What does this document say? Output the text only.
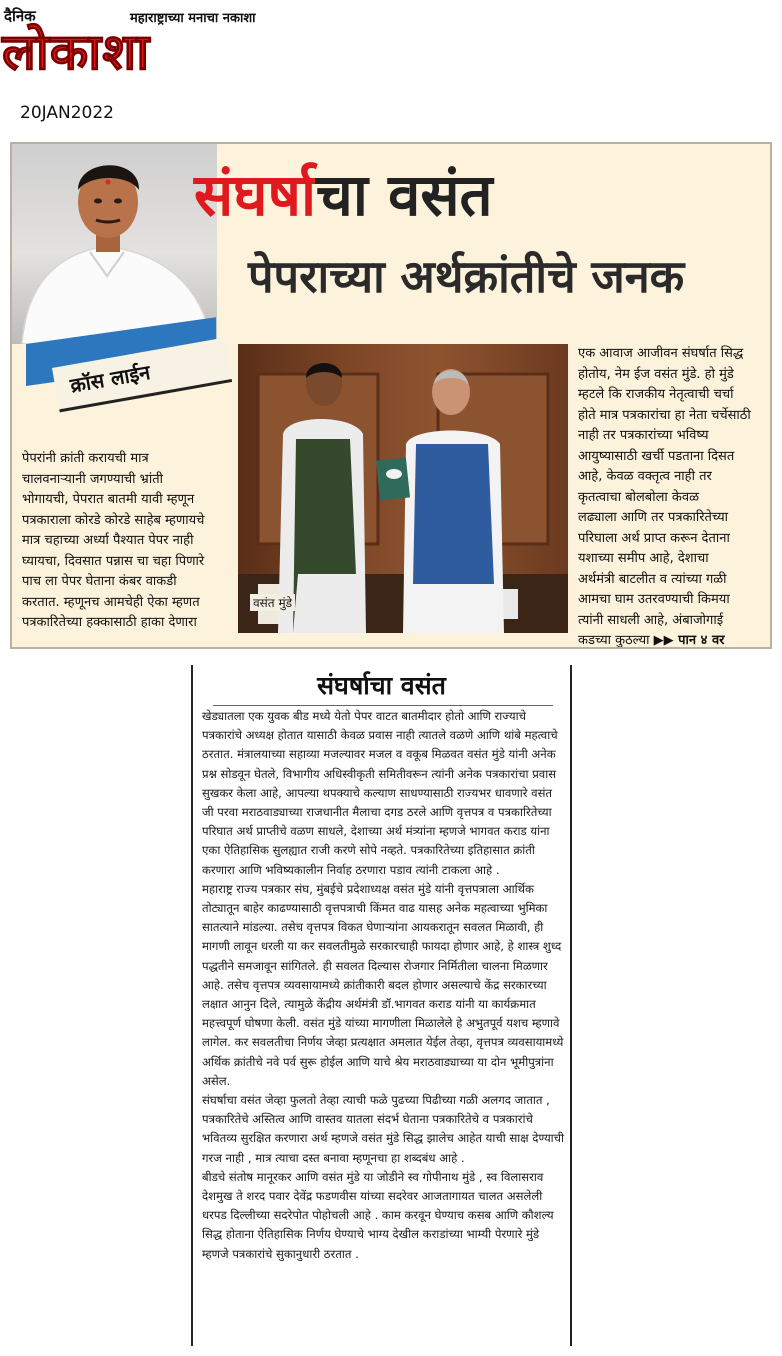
दैनिक	महाराष्ट्राच्या मनाचा नकाशा
लोकाशा
20JAN2022
संघर्षाचा वसंत
पेपराच्या अर्थक्रांतीचे जनक
क्रॉस लाईन
पेपरांनी क्रांती करायची मात्र
चालवनाऱ्यानी जगण्याची भ्रांती
भोगायची, पेपरात बातमी यावी म्हणून
पत्रकाराला कोरडे कोरडे साहेब म्हणायचे
मात्र चहाच्या अर्ध्या पैश्यात पेपर नाही
घ्यायचा, दिवसात पन्नास चा चहा पिणारे
पाच ला पेपर घेताना कंबर वाकडी
करतात. म्हणूनच आमचेही ऐका म्हणत
पत्रकारितेच्या हक्कासाठी हाका देणारा
वसंत मुंडे
एक आवाज आजीवन संघर्षात सिद्ध
होतोय, नेम ईज वसंत मुंडे. हो मुंडे
म्हटले कि राजकीय नेतृत्वाची चर्चा
होते मात्र पत्रकारांचा हा नेता चर्चेसाठी
नाही तर पत्रकारांच्या भविष्य
आयुष्यासाठी खर्ची पडताना दिसत
आहे, केवळ वक्तृत्व नाही तर
कृतत्वाचा बोलबोला केवळ
लढ्याला आणि तर पत्रकारितेच्या
परिघाला अर्थ प्राप्त करून देताना
यशाच्या समीप आहे, देशाचा
अर्थमंत्री बाटलीत व त्यांच्या गळी
आमचा घाम उतरवण्याची किमया
त्यांनी साधली आहे, अंबाजोगाई
कडच्या कुठल्या ▶▶ पान ४ वर
संघर्षाचा वसंत

खेड्यातला एक युवक बीड मध्ये येतो पेपर वाटत बातमीदार होतो आणि राज्याचे पत्रकारांचे अध्यक्ष होतात यासाठी केवळ प्रवास नाही त्यातले वळणे आणि थांबे महत्वाचे ठरतात. मंत्रालयाच्या सहाव्या मजल्यावर मजल व वकूब मिळवत वसंत मुंडे यांनी अनेक प्रश्न सोडवून घेतले, विभागीय अधिस्वीकृती समितीवरून त्यांनी अनेक पत्रकारांचा प्रवास सुखकर केला आहे, आपल्या थपक्याचे कल्याण साधण्यासाठी राज्यभर धावणारे वसंत जी परवा मराठवाड्याच्या राजधानीत मैलाचा दगड ठरले आणि वृत्तपत्र व पत्रकारितेच्या परिघात अर्थ प्राप्तीचे वळण साधले, देशाच्या अर्थ मंत्र्यांना म्हणजे भागवत कराड यांना एका ऐतिहासिक सुलह्यात राजी करणे सोपे नव्हते. पत्रकारितेच्या इतिहासात क्रांती करणारा आणि भविष्यकालीन निर्वाह ठरणारा पडाव त्यांनी टाकला आहे .

महाराष्ट्र राज्य पत्रकार संघ, मुंबईचे प्रदेशाध्यक्ष वसंत मुंडे यांनी वृत्तपत्राला आर्थिक तोट्यातून बाहेर काढण्यासाठी वृत्तपत्राची किंमत वाढ यासह अनेक महत्वाच्या भुमिका सातत्याने मांडल्या. तसेच वृत्तपत्र विकत घेणाऱ्यांना आयकरातून सवलत मिळावी, ही मागणी लावून धरली या कर सवलतीमुळे सरकारचाही फायदा होणार आहे, हे शास्त्र शुध्द पद्धतीने समजावून सांगितले. ही सवलत दिल्यास रोजगार निर्मितीला चालना मिळणार आहे. तसेच वृत्तपत्र व्यवसायामध्ये क्रांतीकारी बदल होणार असल्याचे केंद्र सरकारच्या लक्षात आनुन दिले, त्यामुळे केंद्रीय अर्थमंत्री डॉ.भागवत कराड यांनी या कार्यक्रमात महत्त्वपूर्ण घोषणा केली. वसंत मुंडे यांच्या मागणीला मिळालेले हे अभुतपूर्व यशच म्हणावे लागेल. कर सवलतीचा निर्णय जेव्हा प्रत्यक्षात अमलात येईल तेव्हा, वृत्तपत्र व्यवसायामध्ये अर्थिक क्रांतीचे नवे पर्व सुरू होईल आणि याचे श्रेय मराठवाड्याच्या या दोन भूमीपुत्रांना असेल.

संघर्षाचा वसंत जेव्हा फुलतो तेव्हा त्याची फळे पुढच्या पिढीच्या गळी अलगद जातात , पत्रकारितेचे अस्तित्व आणि वास्तव यातला संदर्भ घेताना पत्रकारितेचे व पत्रकारांचे भवितव्य सुरक्षित करणारा अर्थ म्हणजे वसंत मुंडे सिद्ध झालेच आहेत याची साक्ष देण्याची गरज नाही , मात्र त्याचा दस्त बनावा म्हणूनचा हा शब्दबंध आहे .

बीडचे संतोष मानूरकर आणि वसंत मुंडे या जोडीने स्व गोपीनाथ मुंडे , स्व विलासराव देशमुख ते शरद पवार देवेंद्र फडणवीस यांच्या सदरेवर आजतागायत चालत असलेली धरपड दिल्लीच्या सदरेपोत पोहोचली आहे . काम करवून घेण्याच कसब आणि कौशल्य सिद्ध होताना ऐतिहासिक निर्णय घेण्याचे भाग्य देखील कराडांच्या भाम्यी पेरणारे मुंडे म्हणजे पत्रकारांचे सुकानुधारी ठरतात .
